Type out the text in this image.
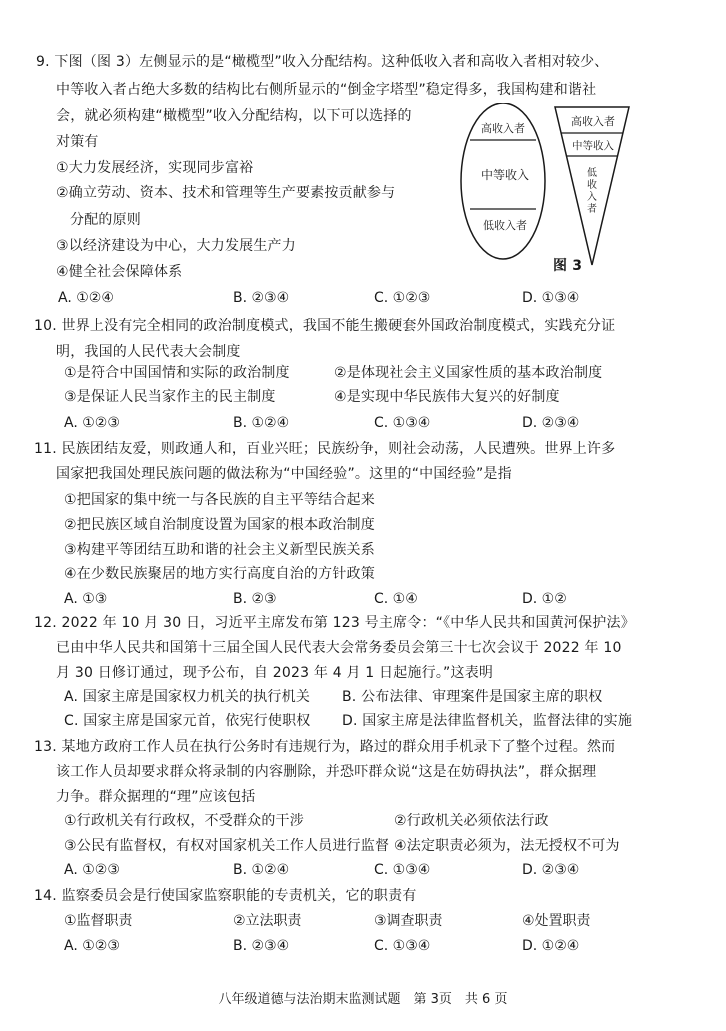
9. 下图（图 3）左侧显示的是“橄榄型”收入分配结构。这种低收入者和高收入者相对较少、
中等收入者占绝大多数的结构比右侧所显示的“倒金字塔型”稳定得多，我国构建和谐社
会，就必须构建“橄榄型”收入分配结构，以下可以选择的
对策有
①大力发展经济，实现同步富裕
②确立劳动、资本、技术和管理等生产要素按贡献参与
分配的原则
③以经济建设为中心，大力发展生产力
④健全社会保障体系
高收入者
中等收入
低收入者
高收入者
中等收入
低
收
入
者
图 3
A. ①②④	B. ②③④	C. ①②③	D. ①③④
10. 世界上没有完全相同的政治制度模式，我国不能生搬硬套外国政治制度模式，实践充分证
明，我国的人民代表大会制度
①是符合中国国情和实际的政治制度	②是体现社会主义国家性质的基本政治制度
③是保证人民当家作主的民主制度	④是实现中华民族伟大复兴的好制度
A. ①②③	B. ①②④	C. ①③④	D. ②③④
11. 民族团结友爱，则政通人和，百业兴旺；民族纷争，则社会动荡，人民遭殃。世界上许多
国家把我国处理民族问题的做法称为“中国经验”。这里的“中国经验”是指
①把国家的集中统一与各民族的自主平等结合起来
②把民族区域自治制度设置为国家的根本政治制度
③构建平等团结互助和谐的社会主义新型民族关系
④在少数民族聚居的地方实行高度自治的方针政策
A. ①③	B. ②③	C. ①④	D. ①②
12. 2022 年 10 月 30 日，习近平主席发布第 123 号主席令：“《中华人民共和国黄河保护法》
已由中华人民共和国第十三届全国人民代表大会常务委员会第三十七次会议于 2022 年 10
月 30 日修订通过，现予公布，自 2023 年 4 月 1 日起施行。”这表明
A. 国家主席是国家权力机关的执行机关 B. 公布法律、审理案件是国家主席的职权
C. 国家主席是国家元首，依宪行使职权 D. 国家主席是法律监督机关，监督法律的实施
13. 某地方政府工作人员在执行公务时有违规行为，路过的群众用手机录下了整个过程。然而
该工作人员却要求群众将录制的内容删除，并恐吓群众说“这是在妨碍执法”，群众据理
力争。群众据理的“理”应该包括
①行政机关有行政权，不受群众的干涉	②行政机关必须依法行政
③公民有监督权，有权对国家机关工作人员进行监督 ④法定职责必须为，法无授权不可为
A. ①②③	B. ①②④	C. ①③④	D. ②③④
14. 监察委员会是行使国家监察职能的专责机关，它的职责有
①监督职责	②立法职责	③调查职责	④处置职责
A. ①②③	B. ②③④	C. ①③④	D. ①②④
八年级道德与法治期末监测试题　第 3页　共 6 页
